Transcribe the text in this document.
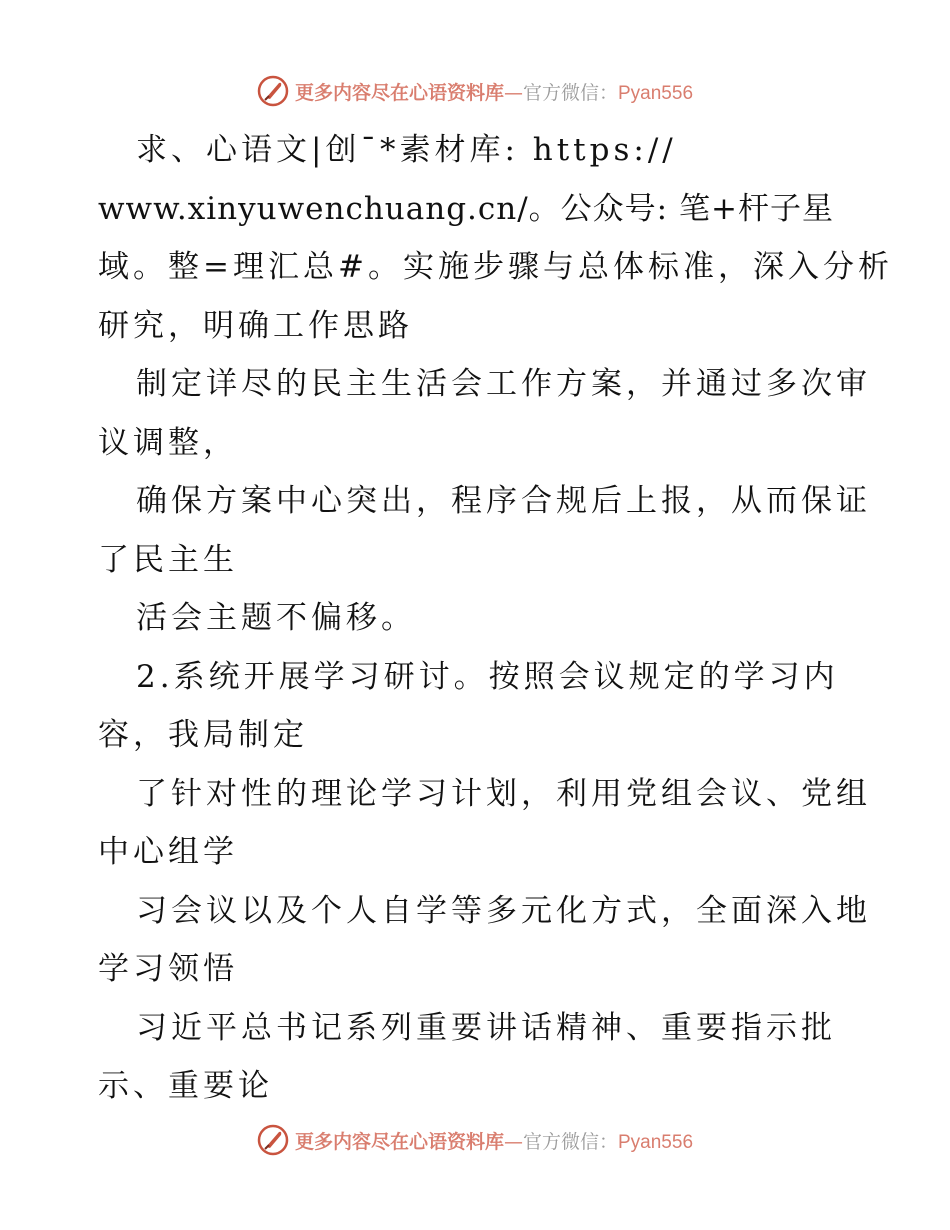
更多内容尽在心语资料库—官方微信：Pyan556
求、心语文|创¯*素材库: https://
www.xinyuwenchuang.cn/。公众号: 笔+杆子星
域。整=理汇总#。实施步骤与总体标准，深入分析
研究，明确工作思路
制定详尽的民主生活会工作方案，并通过多次审
议调整，
确保方案中心突出，程序合规后上报，从而保证
了民主生
活会主题不偏移。
2.系统开展学习研讨。按照会议规定的学习内
容，我局制定
了针对性的理论学习计划，利用党组会议、党组
中心组学
习会议以及个人自学等多元化方式，全面深入地
学习领悟
习近平总书记系列重要讲话精神、重要指示批
示、重要论
更多内容尽在心语资料库—官方微信：Pyan556
